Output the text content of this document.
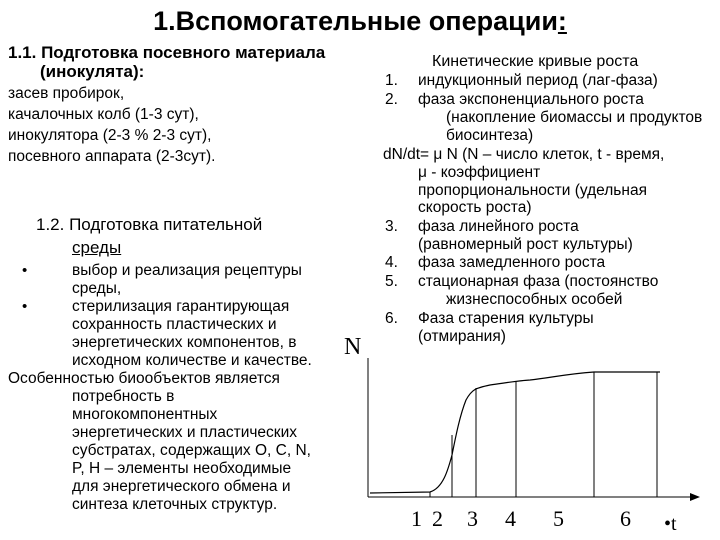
1.Вспомогательные операции:
1.1. Подготовка посевного материала
(инокулята):
засев пробирок,
качалочных колб (1-3 сут),
инокулятора (2-3 % 2-3 сут),
посевного аппарата (2-3сут).
1.2. Подготовка питательной
среды
•	выбор и реализация рецептуры
среды,
•	стерилизация гарантирующая
сохранность пластических и
энергетических компонентов, в
исходном количестве и качестве.
Особенностью биообъектов является
потребность в
многокомпонентных
энергетических и пластических
субстратах, содержащих O, C, N,
P, H – элементы необходимые
для энергетического обмена и
синтеза клеточных структур.
Кинетические кривые роста
1. индукционный период (лаг-фаза)
2. фаза экспоненциального роста
(накопление биомассы и продуктов
биосинтеза)
dN/dt= μ N (N – число клеток, t - время,
μ - коэффициент
пропорциональности (удельная
скорость роста)
3. фаза линейного роста
(равномерный рост культуры)
4. фаза замедленного роста
5. стационарная фаза (постоянство
жизнеспособных особей
6. Фаза старения культуры
(отмирания)
N
1 2 3 4 5	6 •t
